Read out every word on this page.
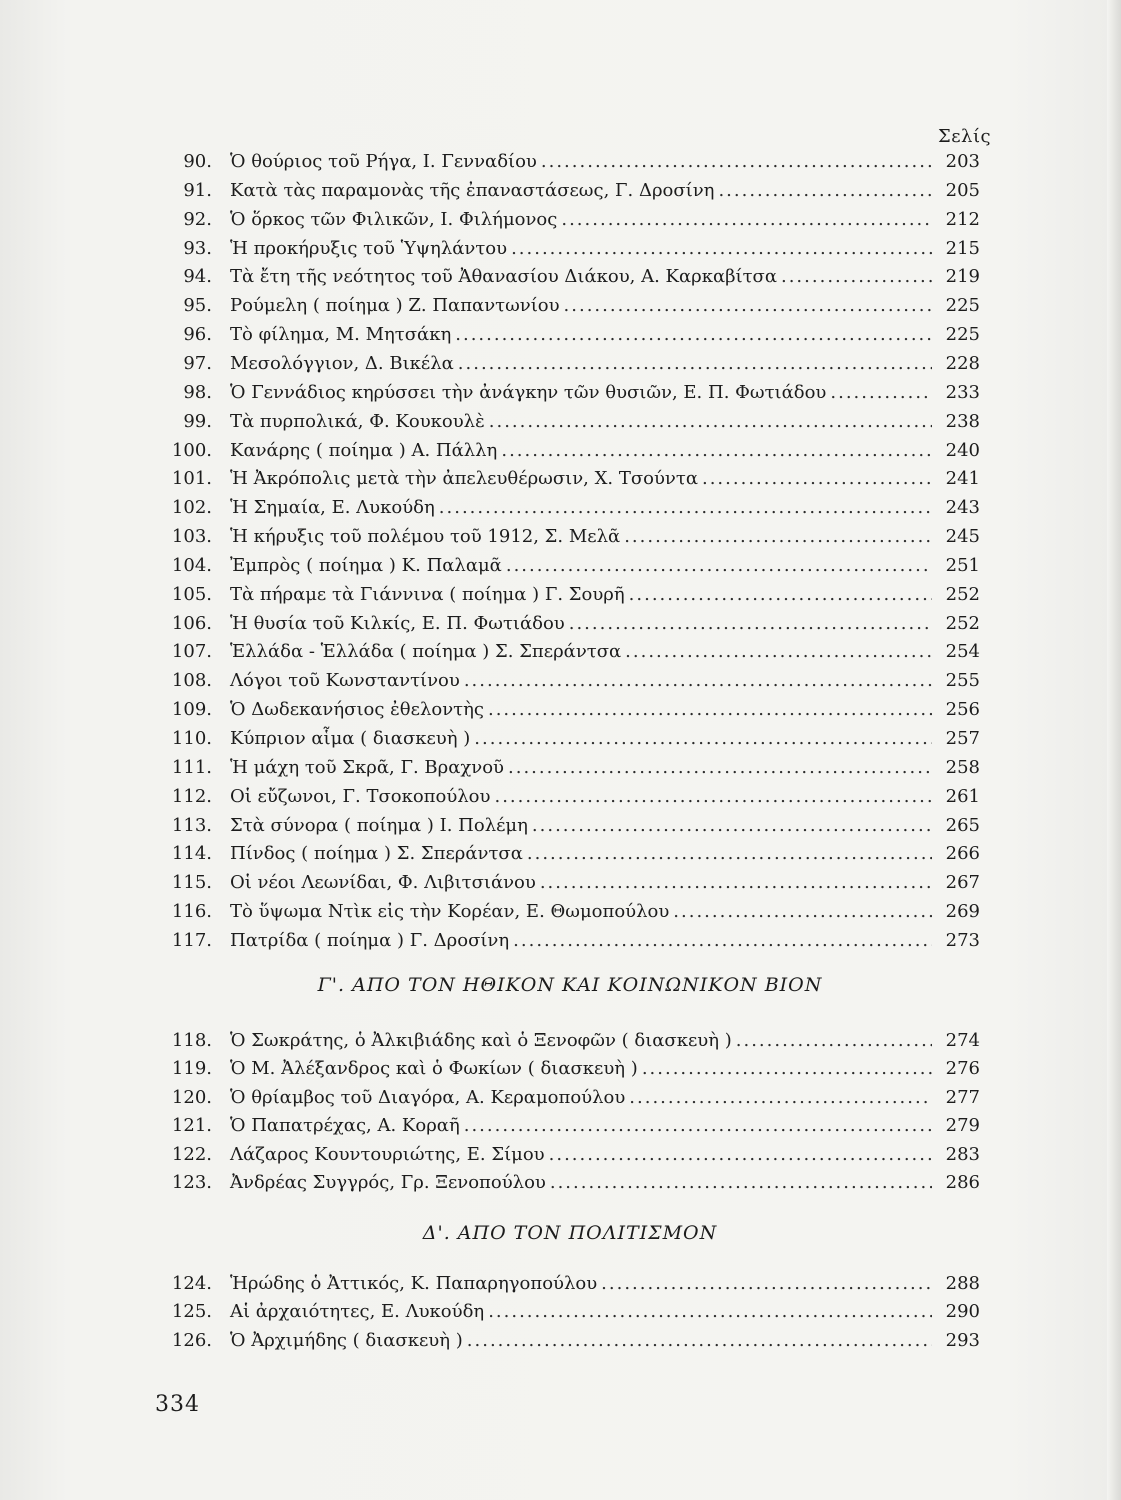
Σελίς
90. Ὁ θούριος τοῦ Ρήγα, Ι. Γενναδίου .....	203
91. Κατὰ τὰς παραμονὰς τῆς ἐπαναστάσεως, Γ. Δροσίνη .....	205
92. Ὁ ὅρκος τῶν Φιλικῶν, Ι. Φιλήμονος .....	212
93. Ἡ προκήρυξις τοῦ Ὑψηλάντου .....	215
94. Τὰ ἔτη τῆς νεότητος τοῦ Ἀθανασίου Διάκου, Α. Καρκαβίτσα .....	219
95. Ρούμελη ( ποίημα ) Ζ. Παπαντωνίου .....	225
96. Τὸ φίλημα, Μ. Μητσάκη .....	225
97. Μεσολόγγιον, Δ. Βικέλα .....	228
98. Ὁ Γεννάδιος κηρύσσει τὴν ἀνάγκην τῶν θυσιῶν, Ε. Π. Φωτιάδου .....	233
99. Τὰ πυρπολικά, Φ. Κουκουλὲ .....	238
100. Κανάρης ( ποίημα ) Α. Πάλλη .....	240
101. Ἡ Ἀκρόπολις μετὰ τὴν ἀπελευθέρωσιν, Χ. Τσούντα .....	241
102. Ἡ Σημαία, Ε. Λυκούδη .....	243
103. Ἡ κήρυξις τοῦ πολέμου τοῦ 1912, Σ. Μελᾶ .....	245
104. Ἐμπρὸς ( ποίημα ) Κ. Παλαμᾶ .....	251
105. Τὰ πήραμε τὰ Γιάννινα ( ποίημα ) Γ. Σουρῆ .....	252
106. Ἡ θυσία τοῦ Κιλκίς, Ε. Π. Φωτιάδου .....	252
107. Ἑλλάδα - Ἑλλάδα ( ποίημα ) Σ. Σπεράντσα .....	254
108. Λόγοι τοῦ Κωνσταντίνου .....	255
109. Ὁ Δωδεκανήσιος ἐθελοντὴς .....	256
110. Κύπριον αἷμα ( διασκευὴ ) .....	257
111. Ἡ μάχη τοῦ Σκρᾶ, Γ. Βραχνοῦ .....	258
112. Οἱ εὔζωνοι, Γ. Τσοκοπούλου .....	261
113. Στὰ σύνορα ( ποίημα ) Ι. Πολέμη .....	265
114. Πίνδος ( ποίημα ) Σ. Σπεράντσα .....	266
115. Οἱ νέοι Λεωνίδαι, Φ. Λιβιτσιάνου .....	267
116. Τὸ ὕψωμα Ντὶκ εἰς τὴν Κορέαν, Ε. Θωμοπούλου .....	269
117. Πατρίδα ( ποίημα ) Γ. Δροσίνη .....	273
Γ'. ΑΠΟ ΤΟΝ ΗΘΙΚΟΝ ΚΑΙ ΚΟΙΝΩΝΙΚΟΝ ΒΙΟΝ
118. Ὁ Σωκράτης, ὁ Ἀλκιβιάδης καὶ ὁ Ξενοφῶν ( διασκευὴ ) .....	274
119. Ὁ Μ. Ἀλέξανδρος καὶ ὁ Φωκίων ( διασκευὴ ) .....	276
120. Ὁ θρίαμβος τοῦ Διαγόρα, Α. Κεραμοπούλου .....	277
121. Ὁ Παπατρέχας, Α. Κοραῆ .....	279
122. Λάζαρος Κουντουριώτης, Ε. Σίμου .....	283
123. Ἀνδρέας Συγγρός, Γρ. Ξενοπούλου .....	286
Δ'. ΑΠΟ ΤΟΝ ΠΟΛΙΤΙΣΜΟΝ
124. Ἡρώδης ὁ Ἀττικός, Κ. Παπαρηγοπούλου .....	288
125. Αἱ ἀρχαιότητες, Ε. Λυκούδη .....	290
126. Ὁ Ἀρχιμήδης ( διασκευὴ ) .....	293
334
